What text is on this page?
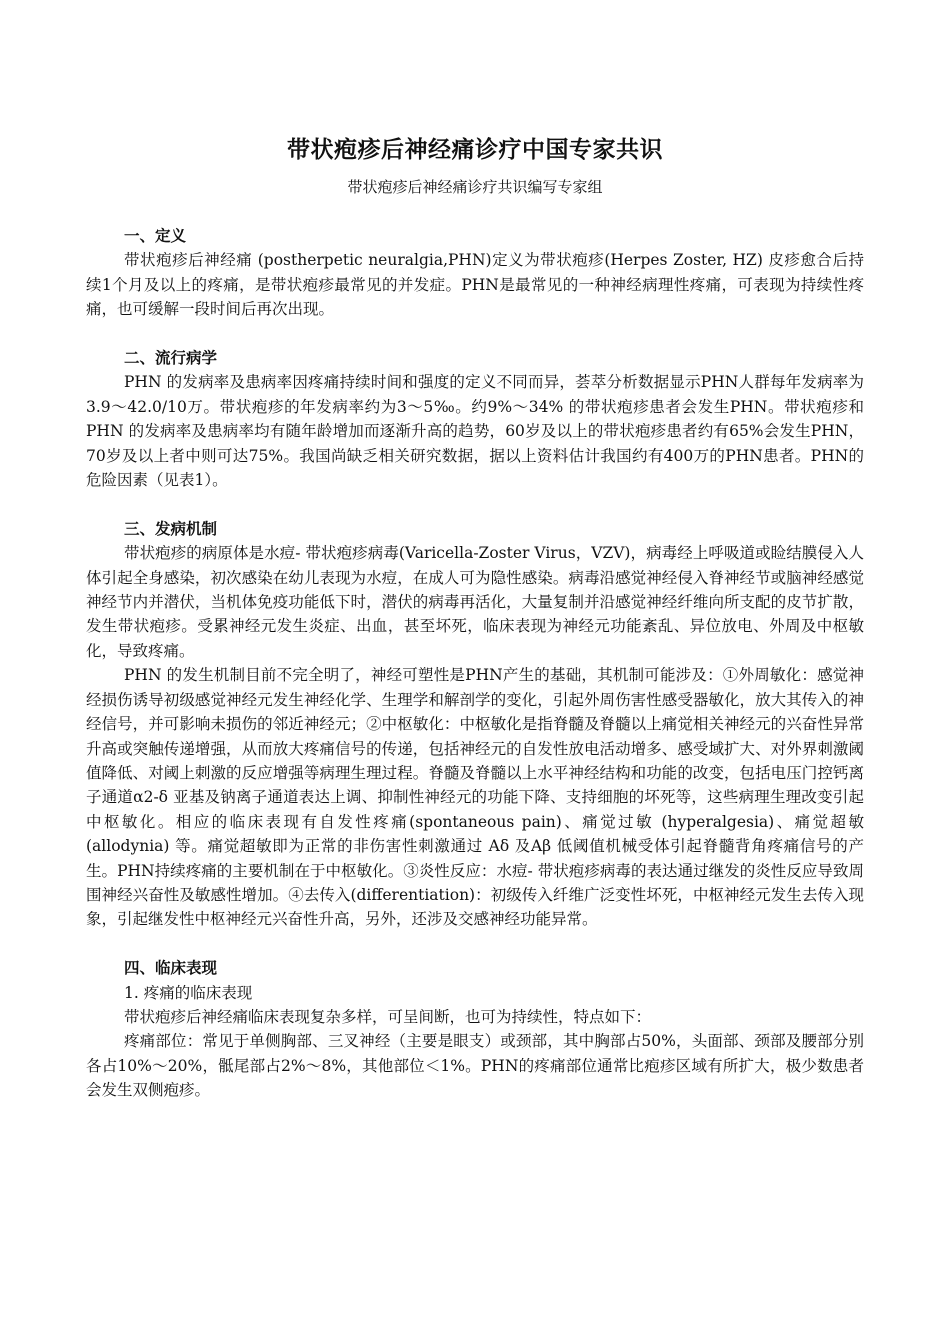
带状疱疹后神经痛诊疗中国专家共识
带状疱疹后神经痛诊疗共识编写专家组

一、定义

带状疱疹后神经痛 (postherpetic neuralgia,PHN)定义为带状疱疹(Herpes Zoster, HZ) 皮疹愈合后持续1个月及以上的疼痛，是带状疱疹最常见的并发症。PHN是最常见的一种神经病理性疼痛，可表现为持续性疼痛，也可缓解一段时间后再次出现。

二、流行病学

PHN 的发病率及患病率因疼痛持续时间和强度的定义不同而异，荟萃分析数据显示PHN人群每年发病率为3.9～42.0/10万。带状疱疹的年发病率约为3～5‰。约9%～34% 的带状疱疹患者会发生PHN。带状疱疹和PHN 的发病率及患病率均有随年龄增加而逐渐升高的趋势，60岁及以上的带状疱疹患者约有65%会发生PHN，70岁及以上者中则可达75%。我国尚缺乏相关研究数据，据以上资料估计我国约有400万的PHN患者。PHN的危险因素（见表1）。

三、发病机制

带状疱疹的病原体是水痘- 带状疱疹病毒(Varicella-Zoster Virus，VZV)，病毒经上呼吸道或睑结膜侵入人体引起全身感染，初次感染在幼儿表现为水痘，在成人可为隐性感染。病毒沿感觉神经侵入脊神经节或脑神经感觉神经节内并潜伏，当机体免疫功能低下时，潜伏的病毒再活化，大量复制并沿感觉神经纤维向所支配的皮节扩散，发生带状疱疹。受累神经元发生炎症、出血，甚至坏死，临床表现为神经元功能紊乱、异位放电、外周及中枢敏化，导致疼痛。

PHN 的发生机制目前不完全明了，神经可塑性是PHN产生的基础，其机制可能涉及：①外周敏化：感觉神经损伤诱导初级感觉神经元发生神经化学、生理学和解剖学的变化，引起外周伤害性感受器敏化，放大其传入的神经信号，并可影响未损伤的邻近神经元；②中枢敏化：中枢敏化是指脊髓及脊髓以上痛觉相关神经元的兴奋性异常升高或突触传递增强，从而放大疼痛信号的传递，包括神经元的自发性放电活动增多、感受域扩大、对外界刺激阈值降低、对阈上刺激的反应增强等病理生理过程。脊髓及脊髓以上水平神经结构和功能的改变，包括电压门控钙离子通道α2-δ 亚基及钠离子通道表达上调、抑制性神经元的功能下降、支持细胞的坏死等，这些病理生理改变引起中枢敏化。相应的临床表现有自发性疼痛(spontaneous pain)、痛觉过敏 (hyperalgesia)、痛觉超敏 (allodynia) 等。痛觉超敏即为正常的非伤害性刺激通过 Aδ 及Aβ 低阈值机械受体引起脊髓背角疼痛信号的产生。PHN持续疼痛的主要机制在于中枢敏化。③炎性反应：水痘- 带状疱疹病毒的表达通过继发的炎性反应导致周围神经兴奋性及敏感性增加。④去传入(differentiation)：初级传入纤维广泛变性坏死，中枢神经元发生去传入现象，引起继发性中枢神经元兴奋性升高，另外，还涉及交感神经功能异常。

四、临床表现

1. 疼痛的临床表现

带状疱疹后神经痛临床表现复杂多样，可呈间断，也可为持续性，特点如下：

疼痛部位：常见于单侧胸部、三叉神经（主要是眼支）或颈部，其中胸部占50%，头面部、颈部及腰部分别各占10%～20%，骶尾部占2%～8%，其他部位＜1%。PHN的疼痛部位通常比疱疹区域有所扩大，极少数患者会发生双侧疱疹。
